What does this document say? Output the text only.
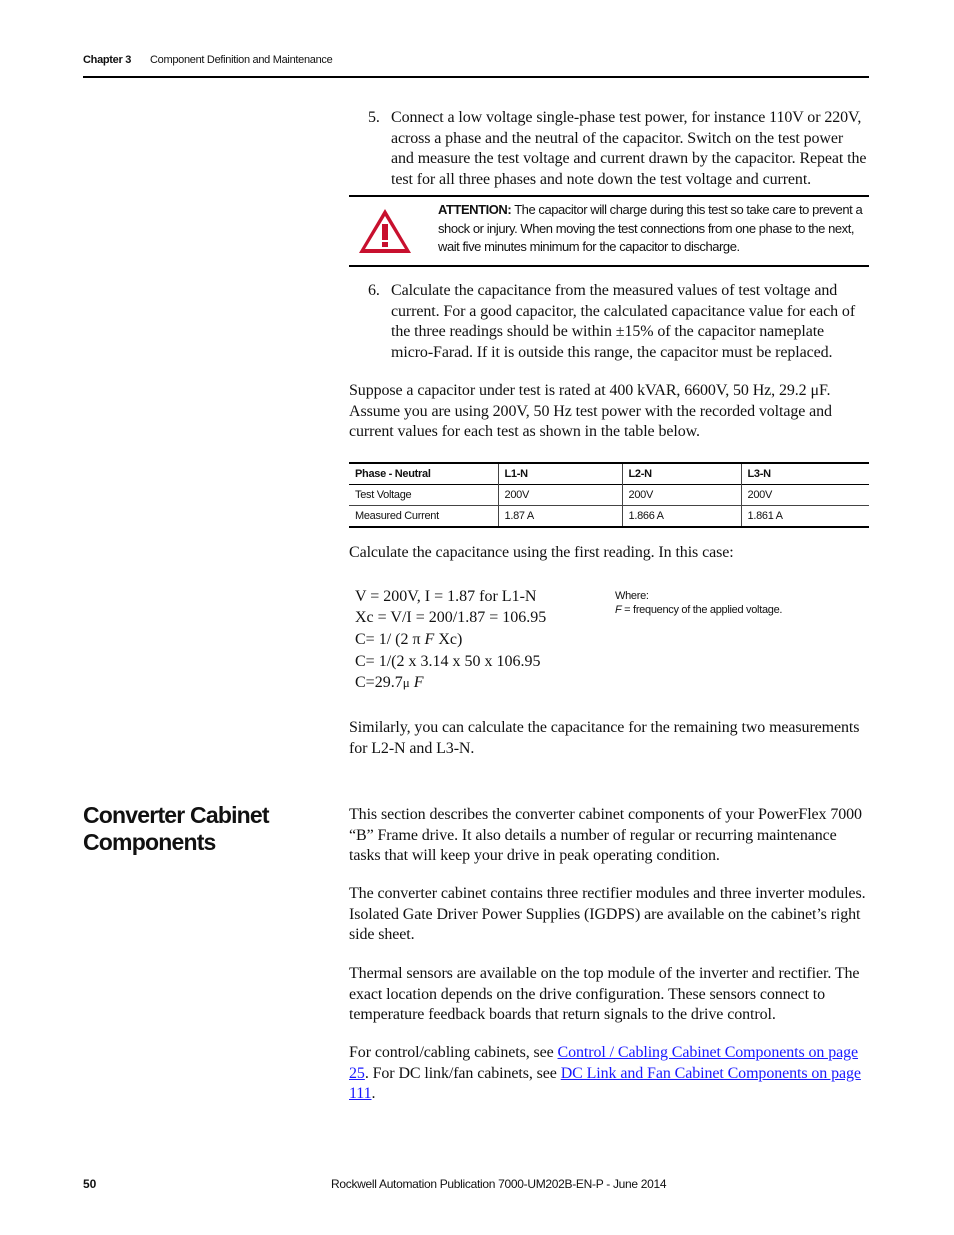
Chapter 3 Component Definition and Maintenance
5. Connect a low voltage single-phase test power, for instance 110V or 220V, across a phase and the neutral of the capacitor. Switch on the test power and measure the test voltage and current drawn by the capacitor. Repeat the test for all three phases and note down the test voltage and current.
ATTENTION: The capacitor will charge during this test so take care to prevent a shock or injury. When moving the test connections from one phase to the next, wait five minutes minimum for the capacitor to discharge.
6. Calculate the capacitance from the measured values of test voltage and current. For a good capacitor, the calculated capacitance value for each of the three readings should be within ±15% of the capacitor nameplate micro-Farad. If it is outside this range, the capacitor must be replaced.
Suppose a capacitor under test is rated at 400 kVAR, 6600V, 50 Hz, 29.2 μF. Assume you are using 200V, 50 Hz test power with the recorded voltage and current values for each test as shown in the table below.
Phase - Neutral	L1-N	L2-N	L3-N
Test Voltage	200V	200V	200V
Measured Current	1.87 A	1.866 A	1.861 A
Calculate the capacitance using the first reading. In this case:
V = 200V, I = 1.87 for L1-N
Xc = V/I = 200/1.87 = 106.95
C= 1/ (2 π F Xc)
C= 1/(2 x 3.14 x 50 x 106.95
C=29.7μ F
Where:
F = frequency of the applied voltage.
Similarly, you can calculate the capacitance for the remaining two measurements for L2-N and L3-N.
Converter Cabinet Components
This section describes the converter cabinet components of your PowerFlex 7000 “B” Frame drive. It also details a number of regular or recurring maintenance tasks that will keep your drive in peak operating condition.
The converter cabinet contains three rectifier modules and three inverter modules. Isolated Gate Driver Power Supplies (IGDPS) are available on the cabinet’s right side sheet.
Thermal sensors are available on the top module of the inverter and rectifier. The exact location depends on the drive configuration. These sensors connect to temperature feedback boards that return signals to the drive control.
For control/cabling cabinets, see Control / Cabling Cabinet Components on page 25. For DC link/fan cabinets, see DC Link and Fan Cabinet Components on page 111.
50	Rockwell Automation Publication 7000-UM202B-EN-P - June 2014
